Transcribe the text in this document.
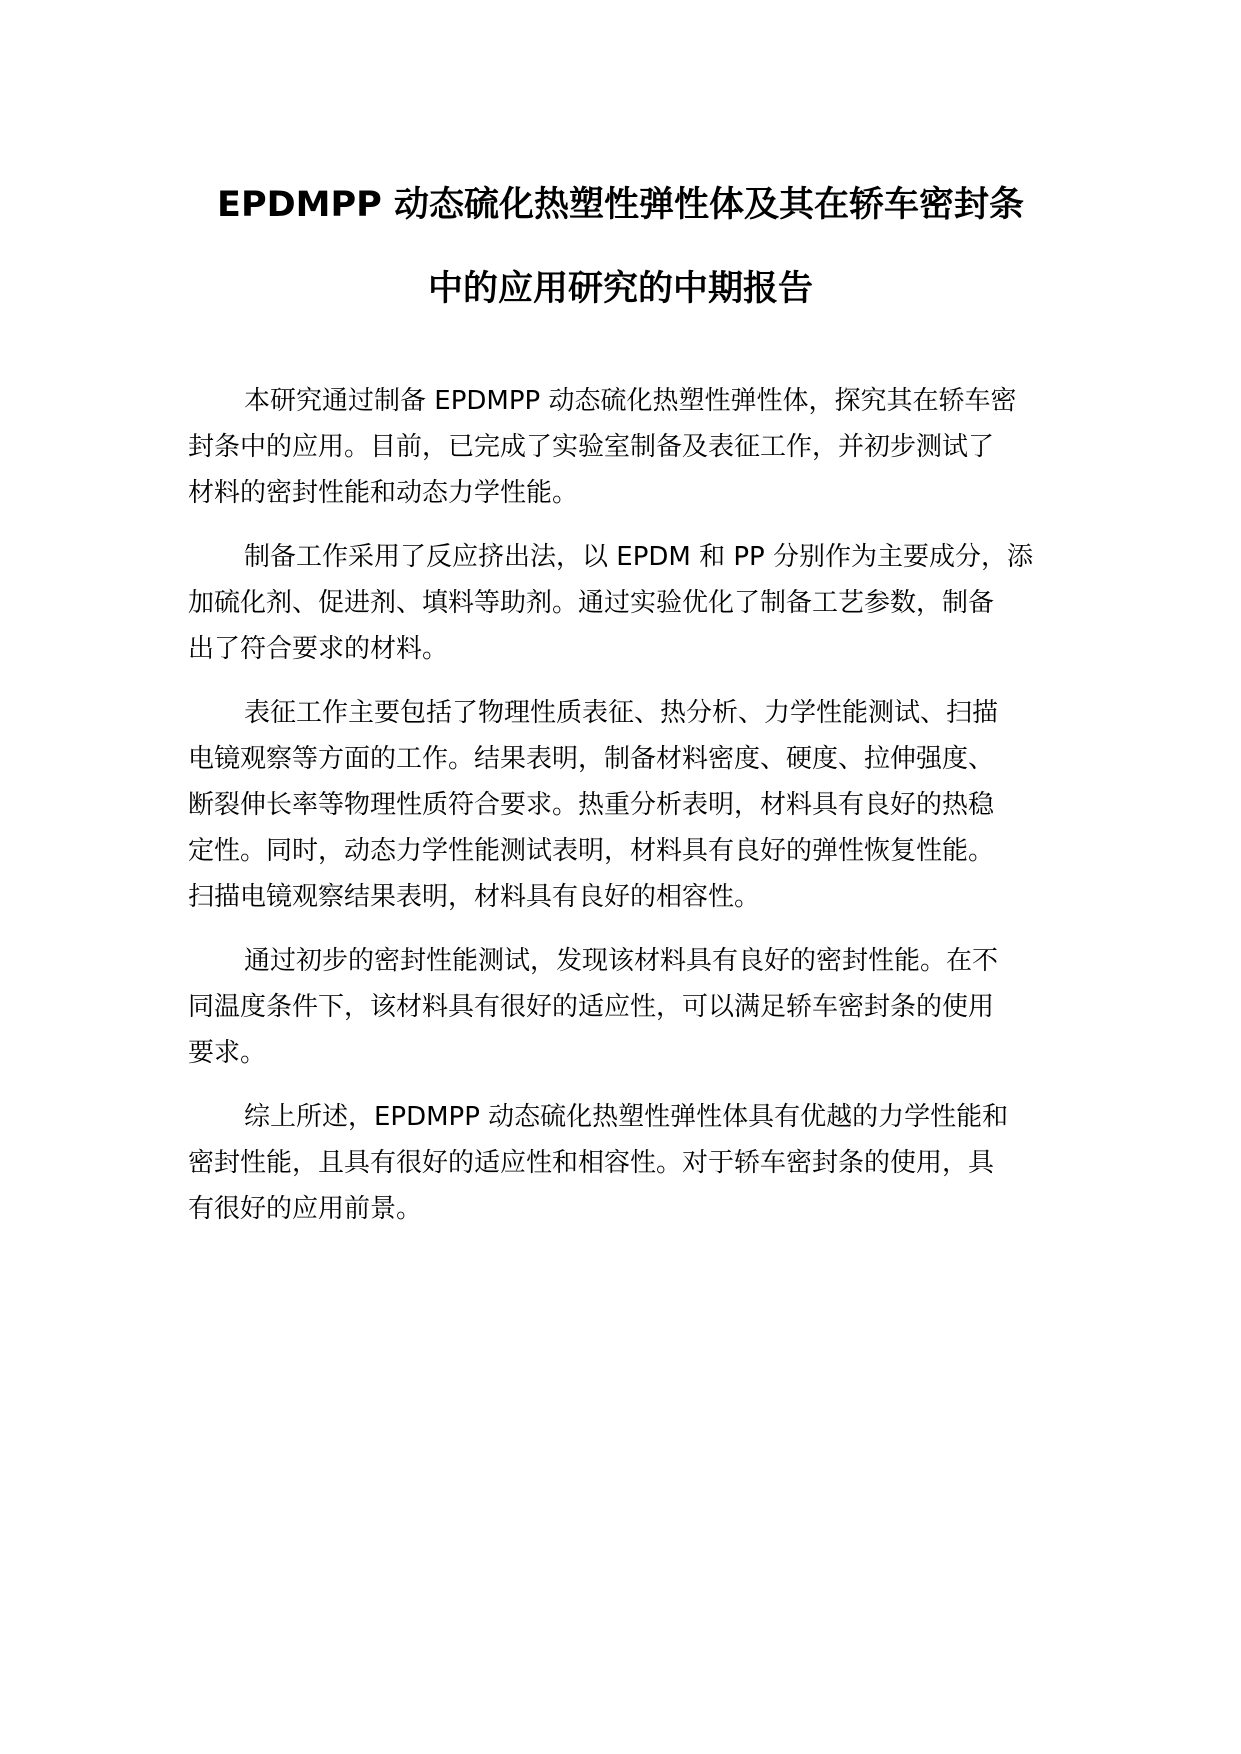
EPDMPP 动态硫化热塑性弹性体及其在轿车密封条
中的应用研究的中期报告

本研究通过制备 EPDMPP 动态硫化热塑性弹性体，探究其在轿车密
封条中的应用。目前，已完成了实验室制备及表征工作，并初步测试了
材料的密封性能和动态力学性能。

制备工作采用了反应挤出法，以 EPDM 和 PP 分别作为主要成分，添
加硫化剂、促进剂、填料等助剂。通过实验优化了制备工艺参数，制备
出了符合要求的材料。

表征工作主要包括了物理性质表征、热分析、力学性能测试、扫描
电镜观察等方面的工作。结果表明，制备材料密度、硬度、拉伸强度、
断裂伸长率等物理性质符合要求。热重分析表明，材料具有良好的热稳
定性。同时，动态力学性能测试表明，材料具有良好的弹性恢复性能。
扫描电镜观察结果表明，材料具有良好的相容性。

通过初步的密封性能测试，发现该材料具有良好的密封性能。在不
同温度条件下，该材料具有很好的适应性，可以满足轿车密封条的使用
要求。

综上所述，EPDMPP 动态硫化热塑性弹性体具有优越的力学性能和
密封性能，且具有很好的适应性和相容性。对于轿车密封条的使用，具
有很好的应用前景。
